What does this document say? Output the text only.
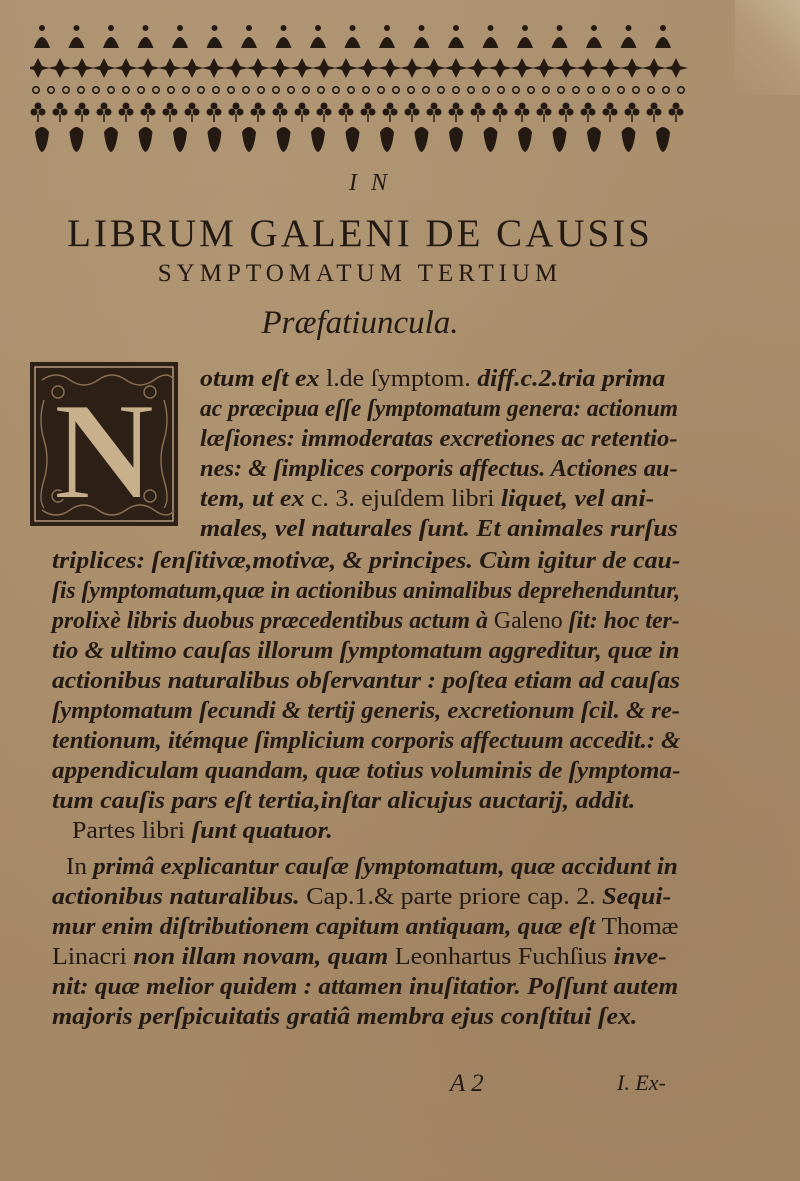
I N
LIBRUM GALENI DE CAUSIS
SYMPTOMATUM TERTIUM
Præfatiuncula.
N otum eſt ex l.de ſymptom. diff.c.2.tria prima
ac præcipua eſſe ſymptomatum genera: actionum
læſiones: immoderatas excretiones ac retentio-
nes: & ſimplices corporis affectus. Actiones au-
tem, ut ex c. 3. ejuſdem libri liquet, vel ani-
males, vel naturales ſunt. Et animales rurſus
triplices: ſenſitivæ,motivæ, & principes. Cùm igitur de cau-
ſis ſymptomatum,quæ in actionibus animalibus deprehenduntur,
prolixè libris duobus præcedentibus actum à Galeno ſit: hoc ter-
tio & ultimo cauſas illorum ſymptomatum aggreditur, quæ in
actionibus naturalibus obſervantur : poſtea etiam ad cauſas
ſymptomatum ſecundi & tertij generis, excretionum ſcil. & re-
tentionum, itémque ſimplicium corporis affectuum accedit.: &
appendiculam quandam, quæ totius voluminis de ſymptoma-
tum cauſis pars eſt tertia,inſtar alicujus auctarij, addit.
Partes libri ſunt quatuor.
In primâ explicantur cauſæ ſymptomatum, quæ accidunt in
actionibus naturalibus. Cap.1.& parte priore cap. 2. Sequi-
mur enim diſtributionem capitum antiquam, quæ eſt Thomæ
Linacri non illam novam, quam Leonhartus Fuchſius inve-
nit: quæ melior quidem : attamen inuſitatior. Poſſunt autem
majoris perſpicuitatis gratiâ membra ejus conſtitui ſex.
A 2	I. Ex-
